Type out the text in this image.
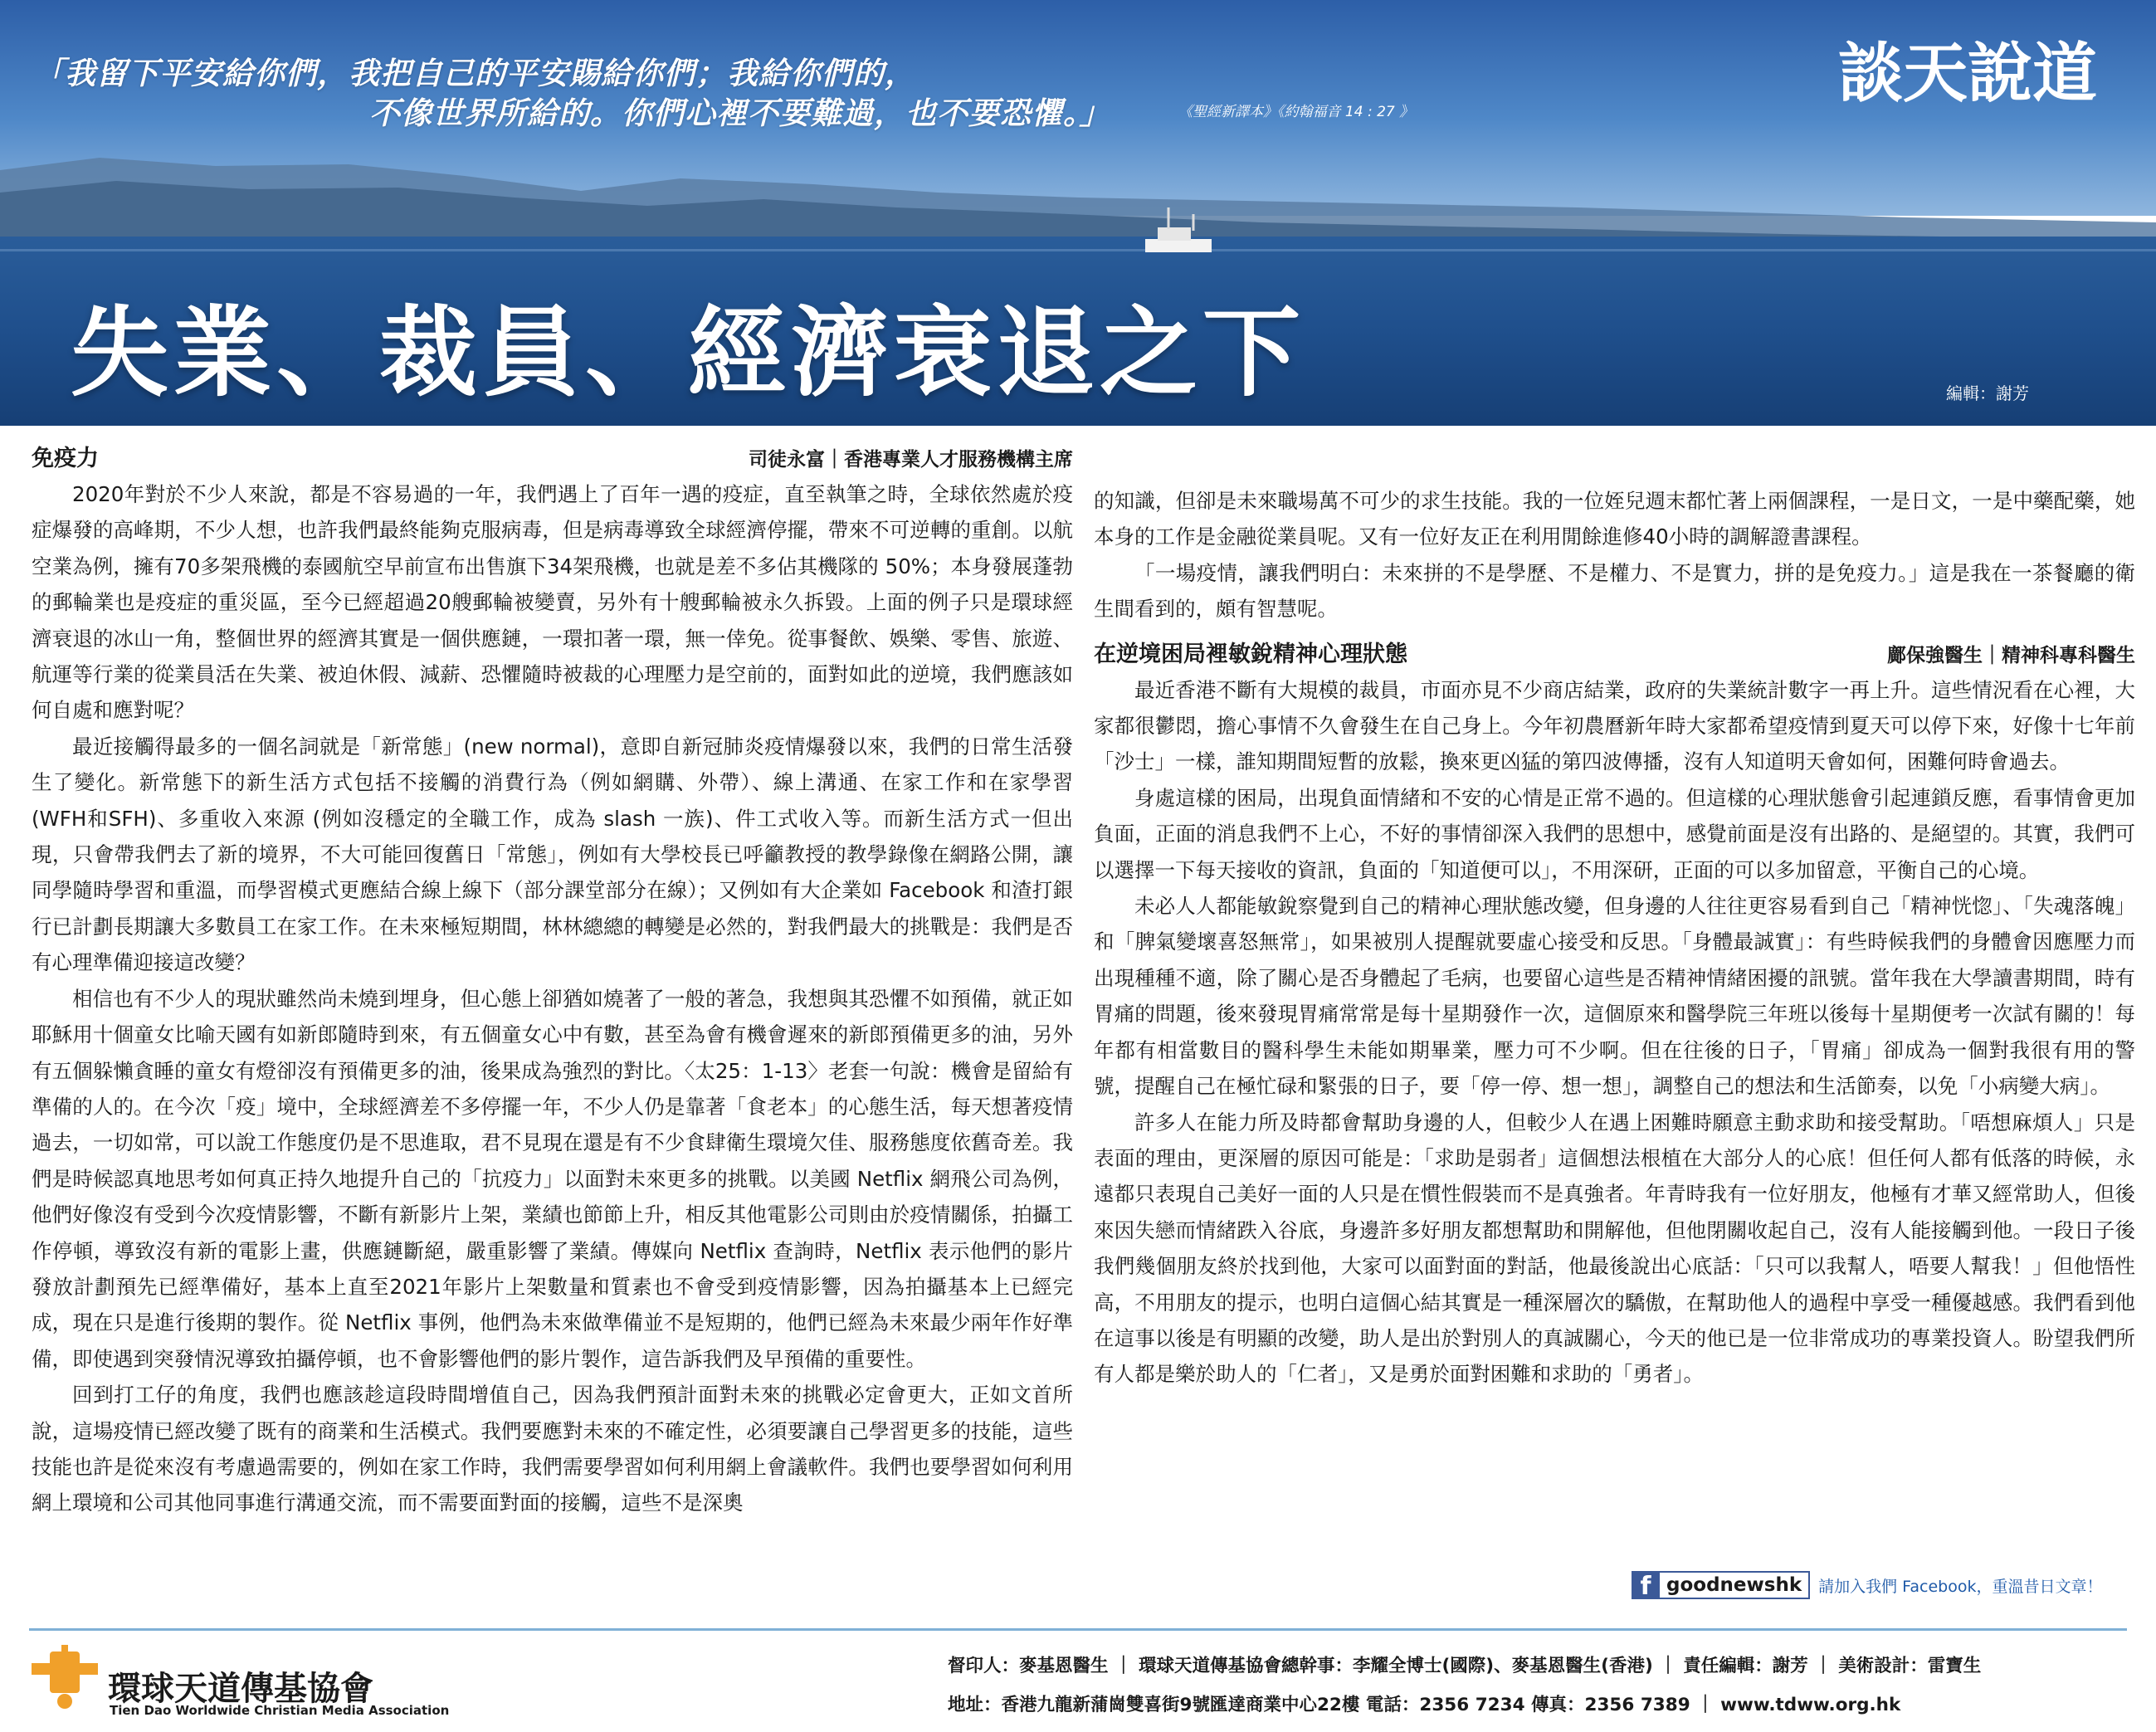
「我留下平安給你們，我把自己的平安賜給你們；我給你們的，
不像世界所給的。你們心裡不要難過，也不要恐懼。」	《聖經新譯本》《約翰福音 14 : 27 》
談天說道
失業、裁員、經濟衰退之下	編輯：謝芳
免疫力	司徒永富｜香港專業人才服務機構主席

2020年對於不少人來說，都是不容易過的一年，我們遇上了百年一遇的疫症，直至執筆之時，全球依然處於疫症爆發的高峰期，不少人想，也許我們最終能夠克服病毒，但是病毒導致全球經濟停擺，帶來不可逆轉的重創。以航空業為例，擁有70多架飛機的泰國航空早前宣布出售旗下34架飛機，也就是差不多佔其機隊的 50%；本身發展蓬勃的郵輪業也是疫症的重災區，至今已經超過20艘郵輪被變賣，另外有十艘郵輪被永久拆毀。上面的例子只是環球經濟衰退的冰山一角，整個世界的經濟其實是一個供應鏈，一環扣著一環，無一倖免。從事餐飲、娛樂、零售、旅遊、航運等行業的從業員活在失業、被迫休假、減薪、恐懼隨時被裁的心理壓力是空前的，面對如此的逆境，我們應該如何自處和應對呢？

最近接觸得最多的一個名詞就是「新常態」(new normal)，意即自新冠肺炎疫情爆發以來，我們的日常生活發生了變化。新常態下的新生活方式包括不接觸的消費行為（例如網購、外帶）、線上溝通、在家工作和在家學習 (WFH和SFH)、多重收入來源 (例如沒穩定的全職工作，成為 slash 一族)、件工式收入等。而新生活方式一但出現，只會帶我們去了新的境界，不大可能回復舊日「常態」，例如有大學校長已呼籲教授的教學錄像在網路公開，讓同學隨時學習和重溫，而學習模式更應結合線上線下（部分課堂部分在線）；又例如有大企業如 Facebook 和渣打銀行已計劃長期讓大多數員工在家工作。在未來極短期間，林林總總的轉變是必然的，對我們最大的挑戰是：我們是否有心理準備迎接這改變？

相信也有不少人的現狀雖然尚未燒到埋身，但心態上卻猶如燒著了一般的著急，我想與其恐懼不如預備，就正如耶穌用十個童女比喻天國有如新郎隨時到來，有五個童女心中有數，甚至為會有機會遲來的新郎預備更多的油，另外有五個躲懶貪睡的童女有燈卻沒有預備更多的油，後果成為強烈的對比。〈太25：1-13〉老套一句說：機會是留給有準備的人的。在今次「疫」境中，全球經濟差不多停擺一年，不少人仍是靠著「食老本」的心態生活，每天想著疫情過去，一切如常，可以說工作態度仍是不思進取，君不見現在還是有不少食肆衛生環境欠佳、服務態度依舊奇差。我們是時候認真地思考如何真正持久地提升自己的「抗疫力」以面對未來更多的挑戰。以美國 Netflix 網飛公司為例，他們好像沒有受到今次疫情影響，不斷有新影片上架，業績也節節上升，相反其他電影公司則由於疫情關係，拍攝工作停頓，導致沒有新的電影上畫，供應鏈斷絕，嚴重影響了業績。傳媒向 Netflix 查詢時，Netflix 表示他們的影片發放計劃預先已經準備好，基本上直至2021年影片上架數量和質素也不會受到疫情影響，因為拍攝基本上已經完成，現在只是進行後期的製作。從 Netflix 事例，他們為未來做準備並不是短期的，他們已經為未來最少兩年作好準備，即使遇到突發情況導致拍攝停頓，也不會影響他們的影片製作，這告訴我們及早預備的重要性。

回到打工仔的角度，我們也應該趁這段時間增值自己，因為我們預計面對未來的挑戰必定會更大，正如文首所說，這場疫情已經改變了既有的商業和生活模式。我們要應對未來的不確定性，必須要讓自己學習更多的技能，這些技能也許是從來沒有考慮過需要的，例如在家工作時，我們需要學習如何利用網上會議軟件。我們也要學習如何利用網上環境和公司其他同事進行溝通交流，而不需要面對面的接觸，這些不是深奧

的知識，但卻是未來職場萬不可少的求生技能。我的一位姪兒週末都忙著上兩個課程，一是日文，一是中藥配藥，她本身的工作是金融從業員呢。又有一位好友正在利用閒餘進修40小時的調解證書課程。

「一場疫情，讓我們明白：未來拼的不是學歷、不是權力、不是實力，拼的是免疫力。」這是我在一茶餐廳的衛生間看到的，頗有智慧呢。

在逆境困局裡敏銳精神心理狀態	鄺保強醫生｜精神科專科醫生

最近香港不斷有大規模的裁員，市面亦見不少商店結業，政府的失業統計數字一再上升。這些情況看在心裡，大家都很鬱悶，擔心事情不久會發生在自己身上。今年初農曆新年時大家都希望疫情到夏天可以停下來，好像十七年前「沙士」一樣，誰知期間短暫的放鬆，換來更凶猛的第四波傳播，沒有人知道明天會如何，困難何時會過去。

身處這樣的困局，出現負面情緒和不安的心情是正常不過的。但這樣的心理狀態會引起連鎖反應，看事情會更加負面，正面的消息我們不上心，不好的事情卻深入我們的思想中，感覺前面是沒有出路的、是絕望的。其實，我們可以選擇一下每天接收的資訊，負面的「知道便可以」，不用深研，正面的可以多加留意，平衡自己的心境。

未必人人都能敏銳察覺到自己的精神心理狀態改變，但身邊的人往往更容易看到自己「精神恍惚」、「失魂落魄」和「脾氣變壞喜怒無常」，如果被別人提醒就要虛心接受和反思。「身體最誠實」：有些時候我們的身體會因應壓力而出現種種不適，除了關心是否身體起了毛病，也要留心這些是否精神情緒困擾的訊號。當年我在大學讀書期間，時有胃痛的問題，後來發現胃痛常常是每十星期發作一次，這個原來和醫學院三年班以後每十星期便考一次試有關的！每年都有相當數目的醫科學生未能如期畢業，壓力可不少啊。但在往後的日子，「胃痛」卻成為一個對我很有用的警號，提醒自己在極忙碌和緊張的日子，要「停一停、想一想」，調整自己的想法和生活節奏，以免「小病變大病」。

許多人在能力所及時都會幫助身邊的人，但較少人在遇上困難時願意主動求助和接受幫助。「唔想麻煩人」只是表面的理由，更深層的原因可能是：「求助是弱者」這個想法根植在大部分人的心底！但任何人都有低落的時候，永遠都只表現自己美好一面的人只是在慣性假裝而不是真強者。年青時我有一位好朋友，他極有才華又經常助人，但後來因失戀而情緒跌入谷底，身邊許多好朋友都想幫助和開解他，但他閉關收起自己，沒有人能接觸到他。一段日子後我們幾個朋友終於找到他，大家可以面對面的對話，他最後說出心底話：「只可以我幫人，唔要人幫我！」但他悟性高，不用朋友的提示，也明白這個心結其實是一種深層次的驕傲，在幫助他人的過程中享受一種優越感。我們看到他在這事以後是有明顯的改變，助人是出於對別人的真誠關心，今天的他已是一位非常成功的專業投資人。盼望我們所有人都是樂於助人的「仁者」，又是勇於面對困難和求助的「勇者」。

f goodnewshk	請加入我們 Facebook，重溫昔日文章！
環球天道傳基協會
Tien Dao Worldwide Christian Media Association
督印人：麥基恩醫生 ｜ 環球天道傳基協會總幹事：李耀全博士(國際)、麥基恩醫生(香港) ｜ 責任編輯：謝芳 ｜ 美術設計：雷寶生
地址：香港九龍新蒲崗雙喜街9號匯達商業中心22樓 電話：2356 7234 傳真：2356 7389 ｜ www.tdww.org.hk
